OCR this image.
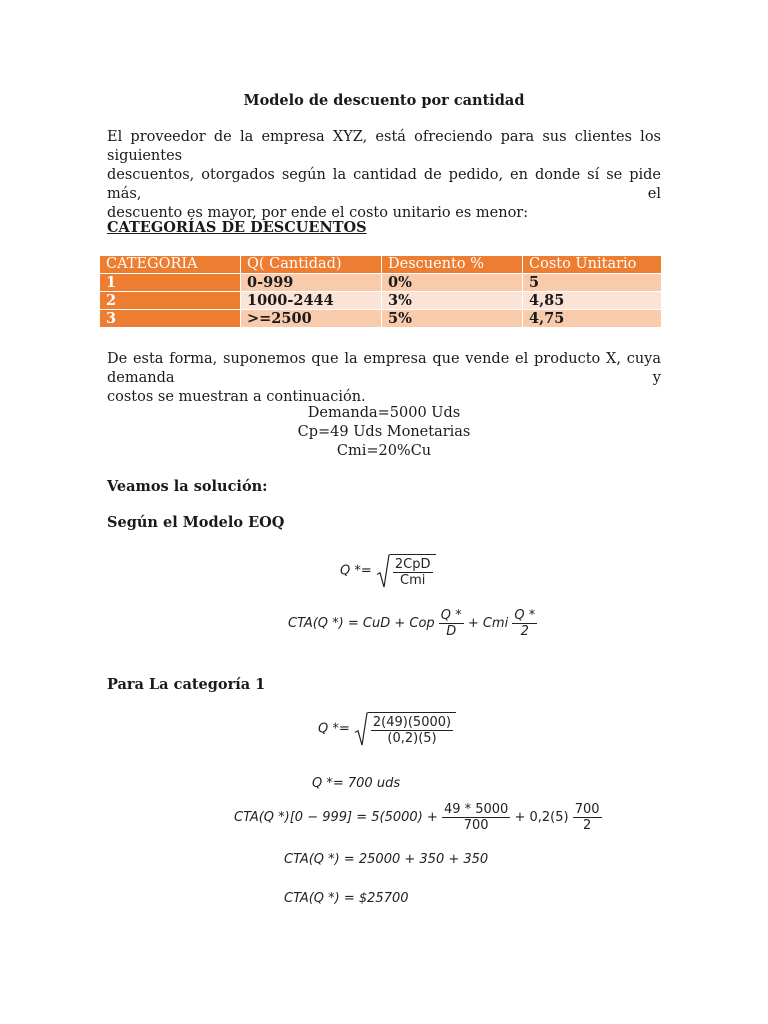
Modelo de descuento por cantidad
El proveedor de la empresa XYZ, está ofreciendo para sus clientes los siguientes
descuentos, otorgados según la cantidad de pedido, en donde sí se pide más, el
descuento es mayor, por ende el costo unitario es menor:
CATEGORÍAS DE DESCUENTOS
CATEGORIA	Q( Cantidad)	Descuento %	Costo Unitario
1	0-999	0%	5
2	1000-2444	3%	4,85
3	>=2500	5%	4,75
De esta forma, suponemos que la empresa que vende el producto X, cuya demanda y
costos se muestran a continuación.
Demanda=5000 Uds
Cp=49 Uds Monetarias
Cmi=20%Cu
Veamos la solución:
Según el Modelo EOQ
$Q *= \frac{\text{2CpD}}{\text{Cmi}}$
CTA(Q *) = CuD + Cop $\frac{Q *}{D}$ + Cmi $\frac{Q *}{2}$
Para La categoría 1
$Q *= \frac{2(49)(5000)}{(0,2)(5)}$
Q *= 700 uds
CTA(Q $*)[0 - 999] = 5(5000) + \frac{49 * 5000}{700} + 0,2(5) \frac{700}{2}$
CTA(Q *) = 25000 + 350 + 350
CTA(Q *) = $25700
